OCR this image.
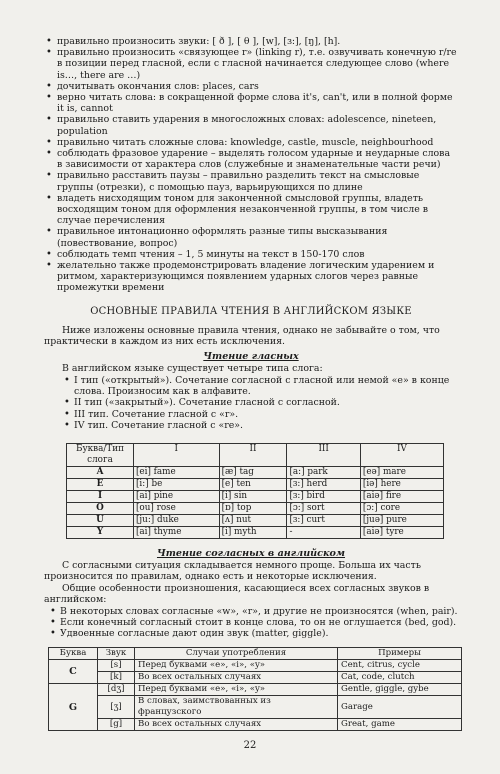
• правильно произносить звуки: [ ð ], [ θ ], [w], [ɜ:], [ŋ], [h].

• правильно произносить «связующее r» (linking r), т.е. озвучивать конечную r/re в позиции перед гласной, если с гласной начинается следующее слово (where is…, there are …)

• дочитывать окончания слов: places, cars

• верно читать слова: в сокращенной форме слова it's, can't, или в полной форме it is, cannot

• правильно ставить ударения в многосложных словах: adolescence, nineteen, population

• правильно читать сложные слова: knowledge, castle, muscle, neighbourhood

• соблюдать фразовое ударение – выделять голосом ударные и неударные слова в зависимости от характера слов (служебные и знаменательные части речи)

• правильно расставить паузы – правильно разделить текст на смысловые группы (отрезки), с помощью пауз, варьирующихся по длине

• владеть нисходящим тоном для законченной смысловой группы, владеть восходящим тоном для оформления незаконченной группы, в том числе в случае перечисления

• правильное интонационно оформлять разные типы высказывания (повествование, вопрос)

• соблюдать темп чтения – 1, 5 минуты на текст в 150-170 слов

• желательно также продемонстрировать владение логическим ударением и ритмом, характеризующимся появлением ударных слогов через равные промежутки времени

ОСНОВНЫЕ ПРАВИЛА ЧТЕНИЯ В АНГЛИЙСКОМ ЯЗЫКЕ

Ниже изложены основные правила чтения, однако не забывайте о том, что практически в каждом из них есть исключения.

Чтение гласных

В английском языке существует четыре типа слога:

• I тип («открытый»). Сочетание согласной с гласной или немой «е» в конце слова. Произносим как в алфавите.

• II тип («закрытый»). Сочетание гласной с согласной.

• III тип. Сочетание гласной с «r».

• IV тип. Сочетание гласной с «re».

Буква/Тип слога	I	II	III	IV
A	[ei] fame	[æ] tag	[a:] park	[eə] mare
E	[i:] be	[e] ten	[ɜ:] herd	[iə] here
I	[ai] pine	[i] sin	[ɜ:] bird	[aiə] fire
O	[ou] rose	[ɒ] top	[ɔ:] sort	[ɔ:] core
U	[ju:] duke	[ʌ] nut	[ɜ:] curt	[juə] pure
Y	[ai] thyme	[i] myth	-	[aiə] tyre
Чтение согласных в английском

С согласными ситуация складывается немного проще. Больша их часть произносится по правилам, однако есть и некоторые исключения.

Общие особенности произношения, касающиеся всех согласных звуков в английском:

• В некоторых словах согласные «w», «r», и другие не произносятся (when, pair).

• Если конечный согласный стоит в конце слова, то он не оглушается (bed, god).

• Удвоенные согласные дают один звук (matter, giggle).

Буква	Звук	Случаи употребления	Примеры
C	[s]	Перед буквами «e», «i», «y»	Cent, citrus, cycle
	[k]	Во всех остальных случаях	Cat, code, clutch
G	[dʒ]	Перед буквами «e», «i», «y»	Gentle, giggle, gybe
	[ʒ]	В словах, заимствованных из французского	Garage
	[g]	Во всех остальных случаях	Great, game
22
